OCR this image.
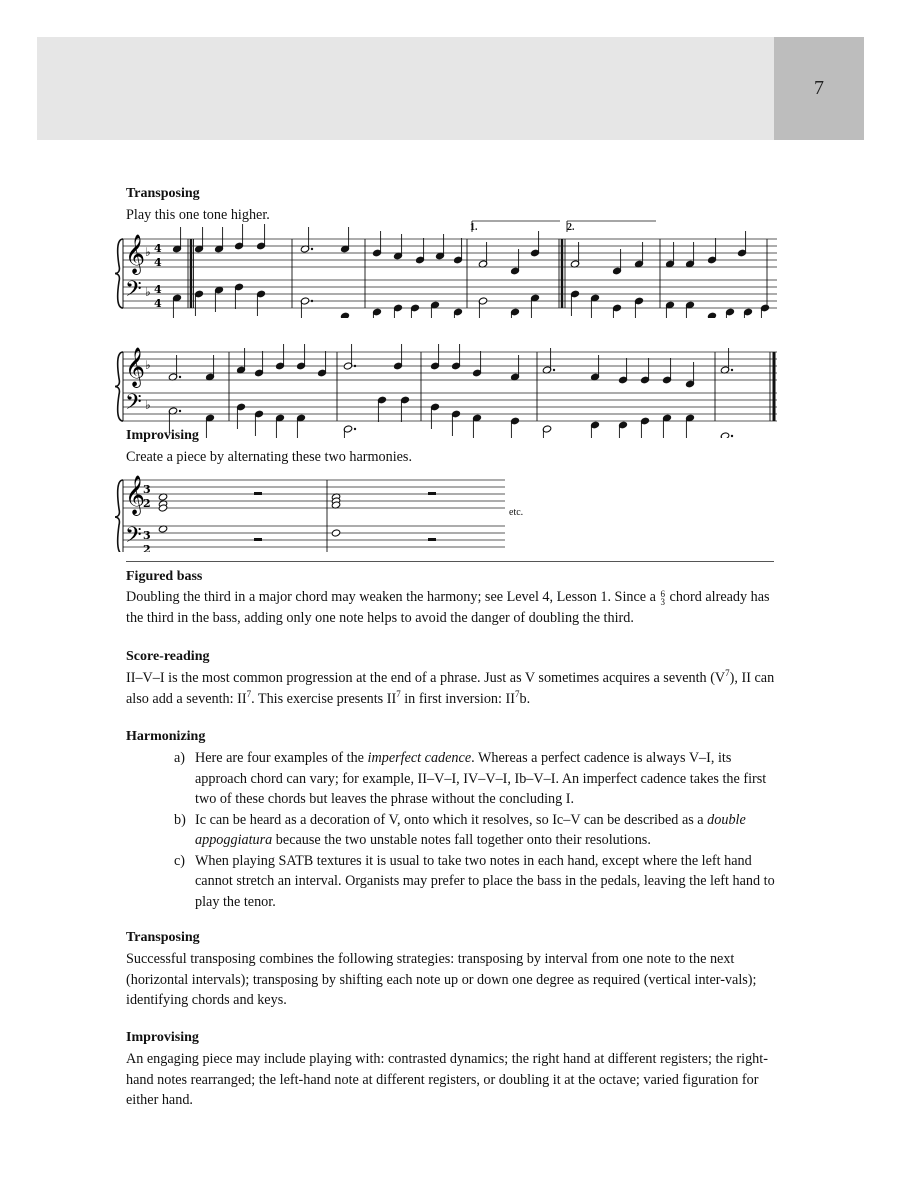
7
Transposing
Play this one tone higher.
𝄞
𝄢
♭
♭
4
4
4
4
1.	2.
𝄞
𝄢
♭
♭
Improvising
Create a piece by alternating these two harmonies.
𝄞
𝄢
3
2
3
2
etc.
Figured bass
Doubling the third in a major chord may weaken the harmony; see Level 4, Lesson 1. Since a 6
3 chord already has the third in the bass, adding only one note helps to avoid the danger of doubling the third.
Score-reading
II–V–I is the most common progression at the end of a phrase. Just as V sometimes acquires a seventh $(V^7)$, II can also add a seventh: $II^7$. This exercise presents $II^7$ in first inversion: $II^7b$.
Harmonizing

a) Here are four examples of the imperfect cadence. Whereas a perfect cadence is always V–I, its approach chord can vary; for example, II–V–I, IV–V–I, Ib–V–I. An imperfect cadence takes the first two of these chords but leaves the phrase without the concluding I.

b) Ic can be heard as a decoration of V, onto which it resolves, so Ic–V can be described as a double appoggiatura because the two unstable notes fall together onto their resolutions.

c) When playing SATB textures it is usual to take two notes in each hand, except where the left hand cannot stretch an interval. Organists may prefer to place the bass in the pedals, leaving the left hand to play the tenor.

Transposing
Successful transposing combines the following strategies: transposing by interval from one note to the next (horizontal intervals); transposing by shifting each note up or down one degree as required (vertical inter-vals); identifying chords and keys.
Improvising
An engaging piece may include playing with: contrasted dynamics; the right hand at different registers; the right-hand notes rearranged; the left-hand note at different registers, or doubling it at the octave; varied figuration for either hand.
